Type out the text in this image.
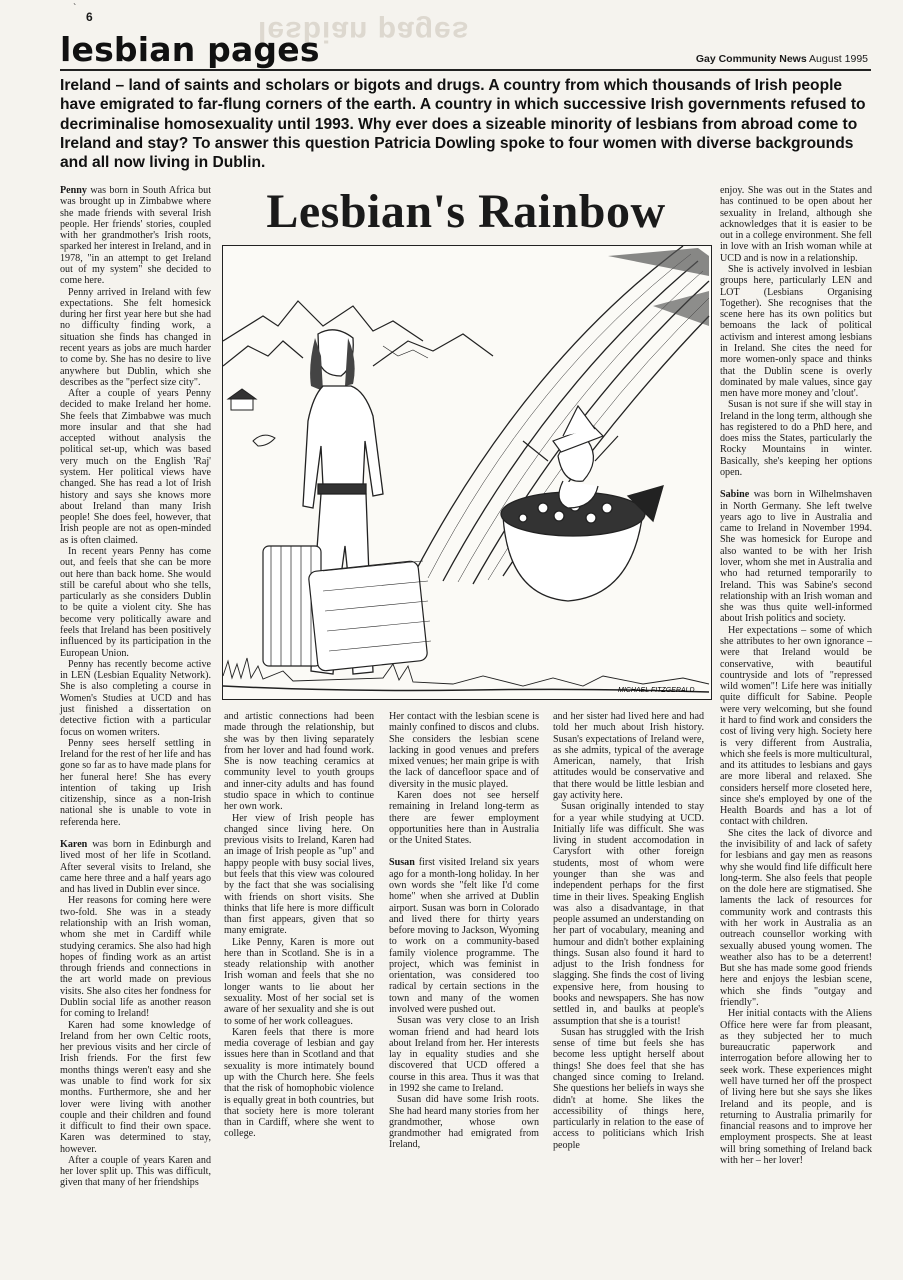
`
6	lesbian pages
lesbian pages	Gay Community News August 1995
Ireland – land of saints and scholars or bigots and drugs. A country from which thousands of Irish people have emigrated to far-flung corners of the earth. A country in which successive Irish governments refused to decriminalise homosexuality until 1993. Why ever does a sizeable minority of lesbians from abroad come to Ireland and stay? To answer this question Patricia Dowling spoke to four women with diverse backgrounds and all now living in Dublin.
Lesbian's Rainbow
MICHAEL FITZGERALD

Penny was born in South Africa but was brought up in Zimbabwe where she made friends with several Irish people. Her friends' stories, coupled with her grandmother's Irish roots, sparked her interest in Ireland, and in 1978, "in an attempt to get Ireland out of my system" she decided to come here.

Penny arrived in Ireland with few expectations. She felt homesick during her first year here but she had no difficulty finding work, a situation she finds has changed in recent years as jobs are much harder to come by. She has no desire to live anywhere but Dublin, which she describes as the "perfect size city".

After a couple of years Penny decided to make Ireland her home. She feels that Zimbabwe was much more insular and that she had accepted without analysis the political set-up, which was based very much on the English 'Raj' system. Her political views have changed. She has read a lot of Irish history and says she knows more about Ireland than many Irish people! She does feel, however, that Irish people are not as open-minded as is often claimed.

In recent years Penny has come out, and feels that she can be more out here than back home. She would still be careful about who she tells, particularly as she considers Dublin to be quite a violent city. She has become very politically aware and feels that Ireland has been positively influenced by its participation in the European Union.

Penny has recently become active in LEN (Lesbian Equality Network). She is also completing a course in Women's Studies at UCD and has just finished a dissertation on detective fiction with a particular focus on women writers.

Penny sees herself settling in Ireland for the rest of her life and has gone so far as to have made plans for her funeral here! She has every intention of taking up Irish citizenship, since as a non-Irish national she is unable to vote in referenda here.

Karen was born in Edinburgh and lived most of her life in Scotland. After several visits to Ireland, she came here three and a half years ago and has lived in Dublin ever since.

Her reasons for coming here were two-fold. She was in a steady relationship with an Irish woman, whom she met in Cardiff while studying ceramics. She also had high hopes of finding work as an artist through friends and connections in the art world made on previous visits. She also cites her fondness for Dublin social life as another reason for coming to Ireland!

Karen had some knowledge of Ireland from her own Celtic roots, her previous visits and her circle of Irish friends. For the first few months things weren't easy and she was unable to find work for six months. Furthermore, she and her lover were living with another couple and their children and found it difficult to find their own space. Karen was determined to stay, however.

After a couple of years Karen and her lover split up. This was difficult, given that many of her friendships

and artistic connections had been made through the relationship, but she was by then living separately from her lover and had found work. She is now teaching ceramics at community level to youth groups and inner-city adults and has found studio space in which to continue her own work.

Her view of Irish people has changed since living here. On previous visits to Ireland, Karen had an image of Irish people as "up" and happy people with busy social lives, but feels that this view was coloured by the fact that she was socialising with friends on short visits. She thinks that life here is more difficult than first appears, given that so many emigrate.

Like Penny, Karen is more out here than in Scotland. She is in a steady relationship with another Irish woman and feels that she no longer wants to lie about her sexuality. Most of her social set is aware of her sexuality and she is out to some of her work colleagues.

Karen feels that there is more media coverage of lesbian and gay issues here than in Scotland and that sexuality is more intimately bound up with the Church here. She feels that the risk of homophobic violence is equally great in both countries, but that society here is more tolerant than in Cardiff, where she went to college.

Her contact with the lesbian scene is mainly confined to discos and clubs. She considers the lesbian scene lacking in good venues and prefers mixed venues; her main gripe is with the lack of dancefloor space and of diversity in the music played.

Karen does not see herself remaining in Ireland long-term as there are fewer employment opportunities here than in Australia or the United States.

Susan first visited Ireland six years ago for a month-long holiday. In her own words she "felt like I'd come home" when she arrived at Dublin airport. Susan was born in Colorado and lived there for thirty years before moving to Jackson, Wyoming to work on a community-based family violence programme. The project, which was feminist in orientation, was considered too radical by certain sections in the town and many of the women involved were pushed out.

Susan was very close to an Irish woman friend and had heard lots about Ireland from her. Her interests lay in equality studies and she discovered that UCD offered a course in this area. Thus it was that in 1992 she came to Ireland.

Susan did have some Irish roots. She had heard many stories from her grandmother, whose own grandmother had emigrated from Ireland,

and her sister had lived here and had told her much about Irish history. Susan's expectations of Ireland were, as she admits, typical of the average American, namely, that Irish attitudes would be conservative and that there would be little lesbian and gay activity here.

Susan originally intended to stay for a year while studying at UCD. Initially life was difficult. She was living in student accomodation in Carysfort with other foreign students, most of whom were younger than she was and independent perhaps for the first time in their lives. Speaking English was also a disadvantage, in that people assumed an understanding on her part of vocabulary, meaning and humour and didn't bother explaining things. Susan also found it hard to adjust to the Irish fondness for slagging. She finds the cost of living expensive here, from housing to books and newspapers. She has now settled in, and baulks at people's assumption that she is a tourist!

Susan has struggled with the Irish sense of time but feels she has become less uptight herself about things! She does feel that she has changed since coming to Ireland. She questions her beliefs in ways she didn't at home. She likes the accessibility of things here, particularly in relation to the ease of access to politicians which Irish people

enjoy. She was out in the States and has continued to be open about her sexuality in Ireland, although she acknowledges that it is easier to be out in a college environment. She fell in love with an Irish woman while at UCD and is now in a relationship.

She is actively involved in lesbian groups here, particularly LEN and LOT (Lesbians Organising Together). She recognises that the scene here has its own politics but bemoans the lack of political activism and interest among lesbians in Ireland. She cites the need for more women-only space and thinks that the Dublin scene is overly dominated by male values, since gay men have more money and 'clout'.

Susan is not sure if she will stay in Ireland in the long term, although she has registered to do a PhD here, and does miss the States, particularly the Rocky Mountains in winter. Basically, she's keeping her options open.

Sabine was born in Wilhelmshaven in North Germany. She left twelve years ago to live in Australia and came to Ireland in November 1994. She was homesick for Europe and also wanted to be with her Irish lover, whom she met in Australia and who had returned temporarily to Ireland. This was Sabine's second relationship with an Irish woman and she was thus quite well-informed about Irish politics and society.

Her expectations – some of which she attributes to her own ignorance – were that Ireland would be conservative, with beautiful countryside and lots of "repressed wild women"! Life here was initially quite difficult for Sabine. People were very welcoming, but she found it hard to find work and considers the cost of living very high. Society here is very different from Australia, which she feels is more multicultural, and its attitudes to lesbians and gays are more liberal and relaxed. She considers herself more closeted here, since she's employed by one of the Health Boards and has a lot of contact with children.

She cites the lack of divorce and the invisibility of and lack of safety for lesbians and gay men as reasons why she would find life difficult here long-term. She also feels that people on the dole here are stigmatised. She laments the lack of resources for community work and contrasts this with her work in Australia as an outreach counsellor working with sexually abused young women. The weather also has to be a deterrent! But she has made some good friends here and enjoys the lesbian scene, which she finds "outgay and friendly".

Her initial contacts with the Aliens Office here were far from pleasant, as they subjected her to much bureaucratic paperwork and interrogation before allowing her to seek work. These experiences might well have turned her off the prospect of living here but she says she likes Ireland and its people, and is returning to Australia primarily for financial reasons and to improve her employment prospects. She at least will bring something of Ireland back with her – her lover!
